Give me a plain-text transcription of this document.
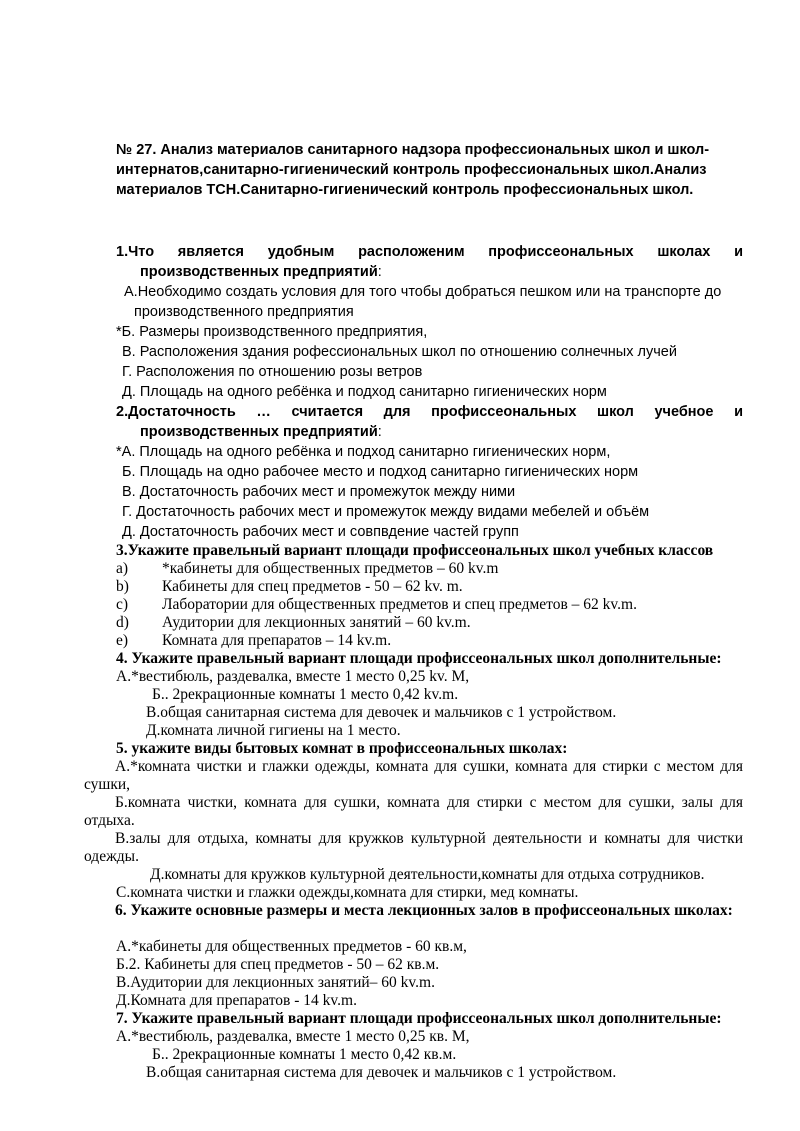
№ 27. Анализ материалов санитарного надзора профессиональных школ и школ-интернатов,санитарно-гигиенический контроль профессиональных школ.Анализ материалов ТСН.Санитарно-гигиенический контроль профессиональных школ.

1.Что является удобным расположеним профиссеональных школах и

производственных предприятий:

А.Необходимо создать условия для того чтобы добраться пешком или на транспорте до

производственного предприятия

*Б. Размеры производственного предприятия,

В. Расположения здания рофессиональных школ по отношению солнечных лучей

Г. Расположения по отношению розы ветров

Д. Площадь на одного ребёнка и подход санитарно гигиенических норм

2.Достаточность … считается для профиссеональных школ учебное и

производственных предприятий:

*А. Площадь на одного ребёнка и подход санитарно гигиенических норм,

Б. Площадь на одно рабочее место и подход санитарно гигиенических норм

В. Достаточность рабочих мест и промежуток между ними

Г. Достаточность рабочих мест и промежуток между видами мебелей и объём

Д. Достаточность рабочих мест и совпвдение частей групп

3.Укажите правельный вариант площади профиссеональных школ учебных классов

a) *кабинеты для общественных предметов – 60 kv.m
b) Кабинеты для спец предметов - 50 – 62 kv. m.
c) Лаборатории для общественных предметов и спец предметов – 62 kv.m.
d) Аудитории для лекционных занятий – 60 kv.m.
e) Комната для препаратов – 14 kv.m.

4. Укажите правельный вариант площади профиссеональных школ дополнительные:

А.*вестибюль, раздевалка, вместе 1 место 0,25 kv. M,

Б.. 2рекрационные комнаты 1 место 0,42 kv.m.

В.общая санитарная система для девочек и мальчиков с 1 устройством.

Д.комната личной гигиены на 1 место.

5. укажите виды бытовых комнат в профиссеональных школах:

А.*комната чистки и глажки одежды, комната для сушки, комната для стирки с местом для сушки,

Б.комната чистки, комната для сушки, комната для стирки с местом для сушки, залы для отдыха.

В.залы для отдыха, комнаты для кружков культурной деятельности и комнаты для чистки одежды.

Д.комнаты для кружков культурной деятельности,комнаты для отдыха сотрудников.

С.комната чистки и глажки одежды,комната для стирки, мед комнаты.

6. Укажите основные размеры и места лекционных залов в профиссеональных школах:

А.*кабинеты для общественных предметов - 60 кв.м,

Б.2. Кабинеты для спец предметов - 50 – 62 кв.м.

В.Аудитории для лекционных занятий– 60 kv.m.

Д.Комната для препаратов - 14 kv.m.

7. Укажите правельный вариант площади профиссеональных школ дополнительные:

А.*вестибюль, раздевалка, вместе 1 место 0,25 кв. М,

Б.. 2рекрационные комнаты 1 место 0,42 кв.м.

В.общая санитарная система для девочек и мальчиков с 1 устройством.
